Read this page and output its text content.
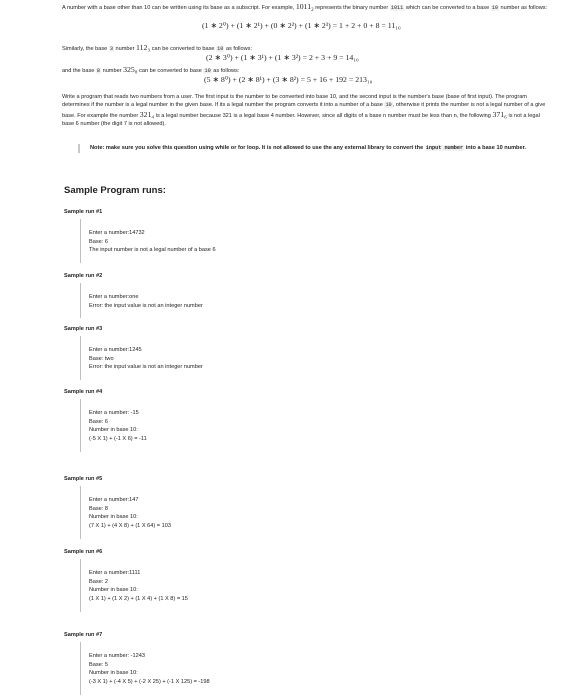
A number with a base other than 10 can be written using its base as a subscript. For example, $1011_2$ represents the binary number 1011 which can be converted to a base 10 number as follows:

(1 ∗ 2⁰) + (1 ∗ 2¹) + (0 ∗ 2²) + (1 ∗ 2³) = 1 + 2 + 0 + 8 = 11₁₀

Similarly, the base 3 number 112₃ can be converted to base 10 as follows:

(2 ∗ 3⁰) + (1 ∗ 3¹) + (1 ∗ 3²) = 2 + 3 + 9 = 14₁₀

and the base 8 number 325₈ can be converted to base 10 as follows:

(5 ∗ 8⁰) + (2 ∗ 8¹) + (3 ∗ 8²) = 5 + 16 + 192 = 213₁₀

Write a program that reads two numbers from a user. The first input is the number to be converted into base 10, and the second input is the number's base (base of first input). The program determines if the number is a legal number in the given base. If its a legal number the program converts it into a number of a base 10, otherwise it prints the number is not a legal number of a give base. For example the number 321₄ is a legal number because 321 is a legal base 4 number. However, since all digits of a base n number must be less than n, the following 371₆ is not a legal base 6 number (the digit 7 is not allowed).

Note: make sure you solve this question using while or for loop. It is not allowed to use the any external library to convert the input number into a base 10 number.
Sample Program runs:
Sample run #1
Enter a number:14732
Base: 6
The input number is not a legal number of a base 6
Sample run #2
Enter a number:one
Error: the input value is not an integer number
Sample run #3
Enter a number:1245
Base: two
Error: the input value is not an integer number
Sample run #4
Enter a number: -15
Base: 6
Number in base 10:
(-5 X 1) + (-1 X 6) = -11
Sample run #5
Enter a number:147
Base: 8
Number in base 10:
(7 X 1) + (4 X 8) + (1 X 64) = 103
Sample run #6
Enter a number:1111
Base: 2
Number in base 10:
(1 X 1) + (1 X 2) + (1 X 4) + (1 X 8) = 15
Sample run #7
Enter a number: -1243
Base: 5
Number in base 10:
(-3 X 1) + (-4 X 5) + (-2 X 25) + (-1 X 125) = -198
